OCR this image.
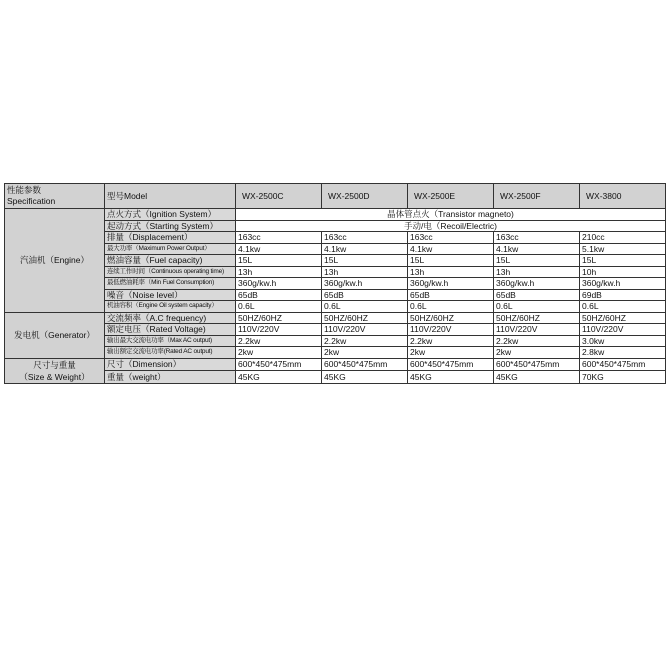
性能参数
Specification	型号Model	WX-2500C	WX-2500D	WX-2500E	WX-2500F	WX-3800
汽油机（Engine）	点火方式（Ignition System）	晶体管点火（Transistor magneto)				
	起动方式（Starting System）	手动/电（Recoil/Electric)				
	排量（Displacement）	163cc	163cc	163cc	163cc	210cc
	最大功率（Maximum Power Output）	4.1kw	4.1kw	4.1kw	4.1kw	5.1kw
	燃油容量（Fuel capacity)	15L	15L	15L	15L	15L
	连续工作时间（Continuous operating time)	13h	13h	13h	13h	10h
	最低燃油耗率（Min Fuel Consumption)	360g/kw.h	360g/kw.h	360g/kw.h	360g/kw.h	360g/kw.h
	噪音（Noise level）	65dB	65dB	65dB	65dB	69dB
	机油容积（Engine Oil system capacity）	0.6L	0.6L	0.6L	0.6L	0.6L
发电机（Generator）	交流频率（A.C frequency)	50HZ/60HZ	50HZ/60HZ	50HZ/60HZ	50HZ/60HZ	50HZ/60HZ
	额定电压（Rated Voltage)	110V/220V	110V/220V	110V/220V	110V/220V	110V/220V
	输出最大交流电功率（Max AC output)	2.2kw	2.2kw	2.2kw	2.2kw	3.0kw
	输出额定交流电功率(Rated AC output)	2kw	2kw	2kw	2kw	2.8kw
尺寸与重量
（Size & Weight）	尺寸（Dimension）	600*450*475mm	600*450*475mm	600*450*475mm	600*450*475mm	600*450*475mm
	重量（weight）	45KG	45KG	45KG	45KG	70KG
